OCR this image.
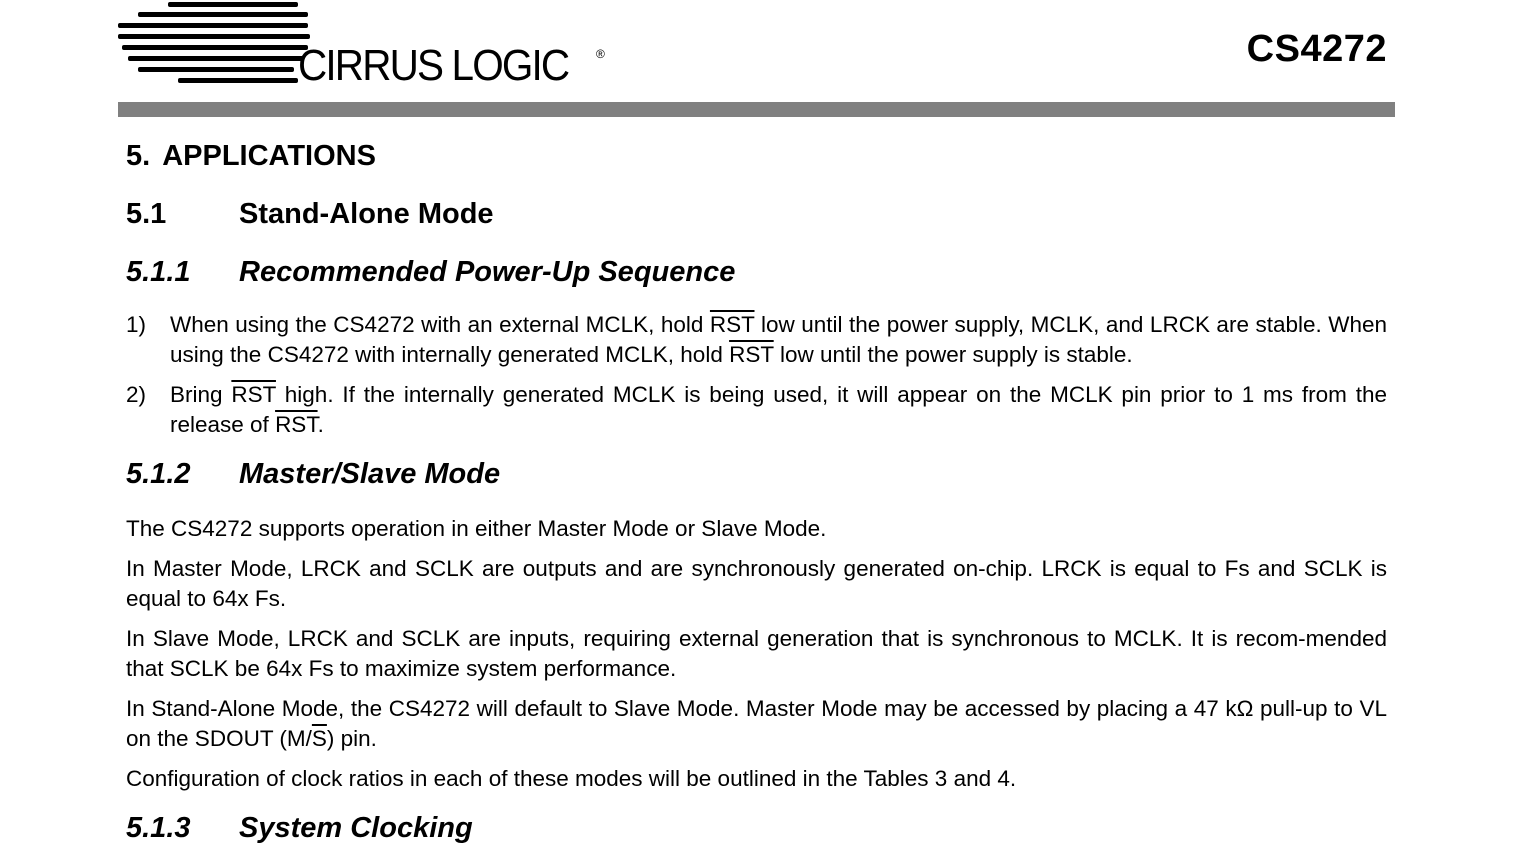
CIRRUS LOGIC ®	CS4272
5. APPLICATIONS
5.1	Stand-Alone Mode
5.1.1 Recommended Power-Up Sequence
1) When using the CS4272 with an external MCLK, hold $\overline{RST}$ low until the power supply, MCLK, and LRCK are stable. When using the CS4272 with internally generated MCLK, hold $\overline{RST}$ low until the power supply is stable.
2) Bring $\overline{RST}$ high. If the internally generated MCLK is being used, it will appear on the MCLK pin prior to 1 ms from the release of $\overline{RST}$.
5.1.2 Master/Slave Mode

The CS4272 supports operation in either Master Mode or Slave Mode.

In Master Mode, LRCK and SCLK are outputs and are synchronously generated on-chip. LRCK is equal to Fs and SCLK is equal to 64x Fs.

In Slave Mode, LRCK and SCLK are inputs, requiring external generation that is synchronous to MCLK. It is recom-mended that SCLK be 64x Fs to maximize system performance.

In Stand-Alone Mode, the CS4272 will default to Slave Mode. Master Mode may be accessed by placing a 47 kΩ pull-up to VL on the SDOUT $(M/\overline{S})$ pin.

Configuration of clock ratios in each of these modes will be outlined in the Tables 3 and 4.

5.1.3 System Clocking
